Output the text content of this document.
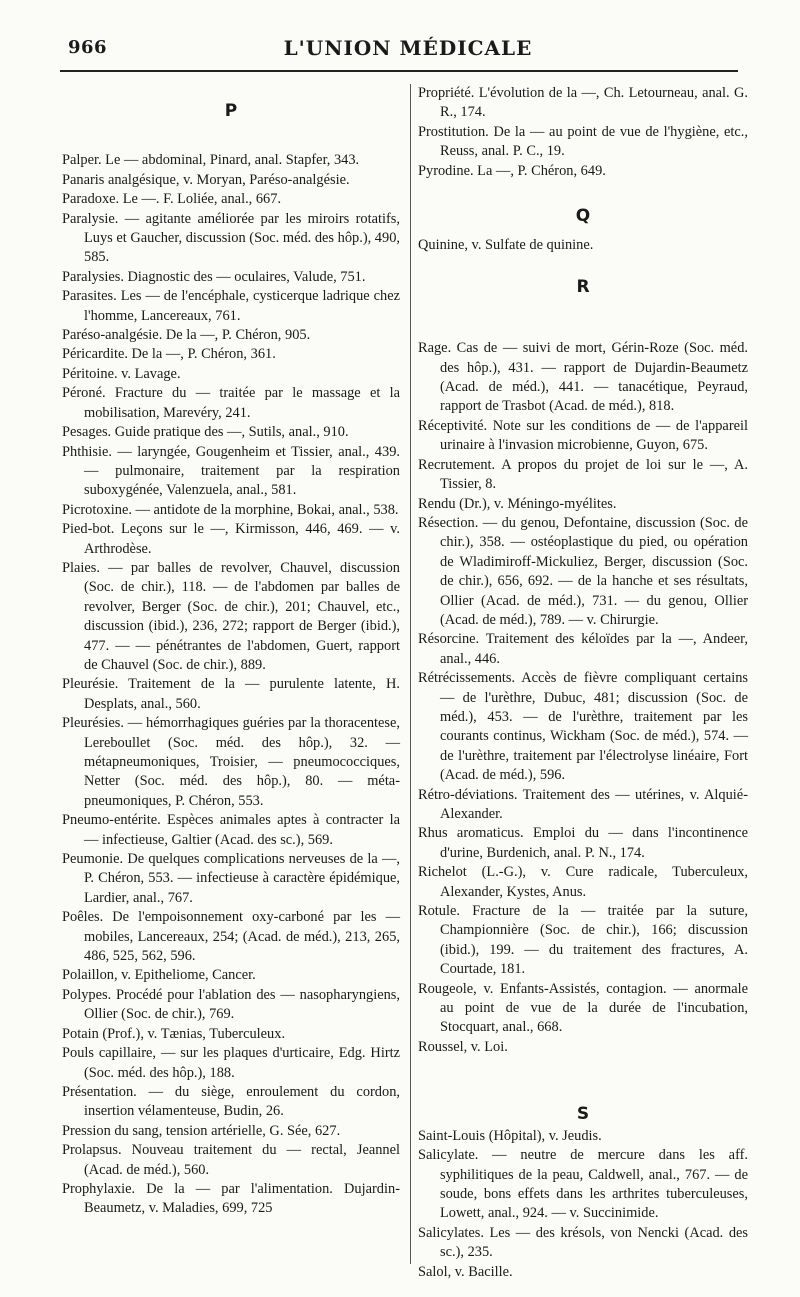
966	L'UNION MÉDICALE
P
Palper. Le — abdominal, Pinard, anal. Stapfer, 343.
Panaris analgésique, v. Moryan, Paréso-analgésie.
Paradoxe. Le —. F. Loliée, anal., 667.
Paralysie. — agitante améliorée par les miroirs rotatifs, Luys et Gaucher, discussion (Soc. méd. des hôp.), 490, 585.
Paralysies. Diagnostic des — oculaires, Valude, 751.
Parasites. Les — de l'encéphale, cysticerque ladrique chez l'homme, Lancereaux, 761.
Paréso-analgésie. De la —, P. Chéron, 905.
Péricardite. De la —, P. Chéron, 361.
Péritoine. v. Lavage.
Péroné. Fracture du — traitée par le massage et la mobilisation, Marevéry, 241.
Pesages. Guide pratique des —, Sutils, anal., 910.
Phthisie. — laryngée, Gougenheim et Tissier, anal., 439. — pulmonaire, traitement par la respiration suboxygénée, Valenzuela, anal., 581.
Picrotoxine. — antidote de la morphine, Bokai, anal., 538.
Pied-bot. Leçons sur le —, Kirmisson, 446, 469. — v. Arthrodèse.
Plaies. — par balles de revolver, Chauvel, discussion (Soc. de chir.), 118. — de l'abdomen par balles de revolver, Berger (Soc. de chir.), 201; Chauvel, etc., discussion (ibid.), 236, 272; rapport de Berger (ibid.), 477. — — pénétrantes de l'abdomen, Guert, rapport de Chauvel (Soc. de chir.), 889.
Pleurésie. Traitement de la — purulente latente, H. Desplats, anal., 560.
Pleurésies. — hémorrhagiques guéries par la thoracentese, Lereboullet (Soc. méd. des hôp.), 32. — métapneumoniques, Troisier, — pneumococciques, Netter (Soc. méd. des hôp.), 80. — méta-pneumoniques, P. Chéron, 553.
Pneumo-entérite. Espèces animales aptes à contracter la — infectieuse, Galtier (Acad. des sc.), 569.
Peumonie. De quelques complications nerveuses de la —, P. Chéron, 553. — infectieuse à caractère épidémique, Lardier, anal., 767.
Poêles. De l'empoisonnement oxy-carboné par les — mobiles, Lancereaux, 254; (Acad. de méd.), 213, 265, 486, 525, 562, 596.
Polaillon, v. Epitheliome, Cancer.
Polypes. Procédé pour l'ablation des — nasopharyngiens, Ollier (Soc. de chir.), 769.
Potain (Prof.), v. Tænias, Tuberculeux.
Pouls capillaire, — sur les plaques d'urticaire, Edg. Hirtz (Soc. méd. des hôp.), 188.
Présentation. — du siège, enroulement du cordon, insertion vélamenteuse, Budin, 26.
Pression du sang, tension artérielle, G. Sée, 627.
Prolapsus. Nouveau traitement du — rectal, Jeannel (Acad. de méd.), 560.
Prophylaxie. De la — par l'alimentation. Dujardin-Beaumetz, v. Maladies, 699, 725
Propriété. L'évolution de la —, Ch. Letourneau, anal. G. R., 174.
Prostitution. De la — au point de vue de l'hygiène, etc., Reuss, anal. P. C., 19.
Pyrodine. La —, P. Chéron, 649.
Q
Quinine, v. Sulfate de quinine.
R
Rage. Cas de — suivi de mort, Gérin-Roze (Soc. méd. des hôp.), 431. — rapport de Dujardin-Beaumetz (Acad. de méd.), 441. — tanacétique, Peyraud, rapport de Trasbot (Acad. de méd.), 818.
Réceptivité. Note sur les conditions de — de l'appareil urinaire à l'invasion microbienne, Guyon, 675.
Recrutement. A propos du projet de loi sur le —, A. Tissier, 8.
Rendu (Dr.), v. Méningo-myélites.
Résection. — du genou, Defontaine, discussion (Soc. de chir.), 358. — ostéoplastique du pied, ou opération de Wladimiroff-Mickuliez, Berger, discussion (Soc. de chir.), 656, 692. — de la hanche et ses résultats, Ollier (Acad. de méd.), 731. — du genou, Ollier (Acad. de méd.), 789. — v. Chirurgie.
Résorcine. Traitement des kéloïdes par la —, Andeer, anal., 446.
Rétrécissements. Accès de fièvre compliquant certains — de l'urèthre, Dubuc, 481; discussion (Soc. de méd.), 453. — de l'urèthre, traitement par les courants continus, Wickham (Soc. de méd.), 574. — de l'urèthre, traitement par l'électrolyse linéaire, Fort (Acad. de méd.), 596.
Rétro-déviations. Traitement des — utérines, v. Alquié-Alexander.
Rhus aromaticus. Emploi du — dans l'incontinence d'urine, Burdenich, anal. P. N., 174.
Richelot (L.-G.), v. Cure radicale, Tuberculeux, Alexander, Kystes, Anus.
Rotule. Fracture de la — traitée par la suture, Championnière (Soc. de chir.), 166; discussion (ibid.), 199. — du traitement des fractures, A. Courtade, 181.
Rougeole, v. Enfants-Assistés, contagion. — anormale au point de vue de la durée de l'incubation, Stocquart, anal., 668.
Roussel, v. Loi.
S
Saint-Louis (Hôpital), v. Jeudis.
Salicylate. — neutre de mercure dans les aff. syphilitiques de la peau, Caldwell, anal., 767. — de soude, bons effets dans les arthrites tuberculeuses, Lowett, anal., 924. — v. Succinimide.
Salicylates. Les — des krésols, von Nencki (Acad. des sc.), 235.
Salol, v. Bacille.
